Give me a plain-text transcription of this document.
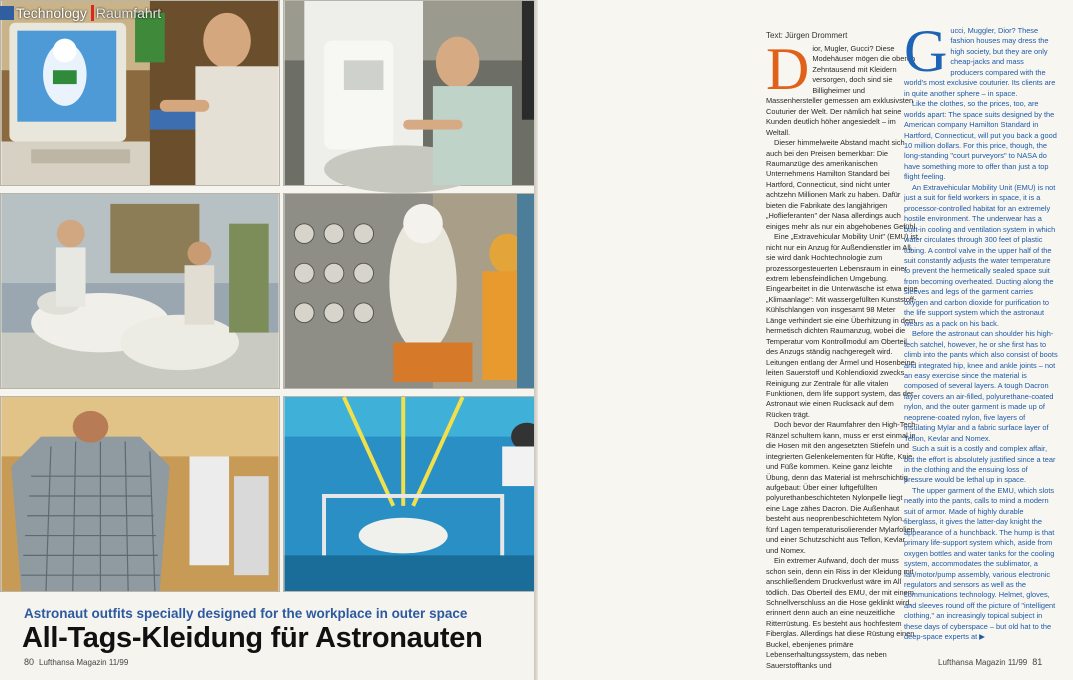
Technology Raumfahrt
Astronaut outfits specially designed for the workplace in outer space
All-Tags-Kleidung für Astronauten
80 Lufthansa Magazin 11/99
Text: Jürgen Drommert
D ior, Mugler, Gucci? Diese Modehäuser mögen die oberen Zehntausend mit Kleidern versorgen, doch sind sie Billigheimer und Massenhersteller gemessen am exklusivsten Couturier der Welt. Der nämlich hat seine Kunden deutlich höher angesiedelt – im Weltall.

Dieser himmelweite Abstand macht sich auch bei den Preisen bemerkbar: Die Raumanzüge des amerikanischen Unternehmens Hamilton Standard bei Hartford, Connecticut, sind nicht unter achtzehn Millionen Mark zu haben. Dafür bieten die Fabrikate des langjährigen „Hoflieferanten" der Nasa allerdings auch einiges mehr als nur ein abgehobenes Gefühl.

Eine „Extravehicular Mobility Unit" (EMU) ist nicht nur ein Anzug für Außendienstler im All, sie wird dank Hochtechnologie zum prozessorgesteuerten Lebensraum in einer extrem lebensfeindlichen Umgebung. Eingearbeitet in die Unterwäsche ist etwa eine „Klimaanlage": Mit wassergefüllten Kunststoff-Kühlschlangen von insgesamt 98 Meter Länge verhindert sie eine Überhitzung in dem hermetisch dichten Raumanzug, wobei die Temperatur vom Kontrollmodul am Oberteil des Anzugs ständig nachgeregelt wird. Leitungen entlang der Ärmel und Hosenbeine leiten Sauerstoff und Kohlendioxid zwecks Reinigung zur Zentrale für alle vitalen Funktionen, dem life support system, das der Astronaut wie einen Rucksack auf dem Rücken trägt.

Doch bevor der Raumfahrer den High-Tech-Ränzel schultern kann, muss er erst einmal in die Hosen mit den angesetzten Stiefeln und integrierten Gelenkelementen für Hüfte, Knie und Füße kommen. Keine ganz leichte Übung, denn das Material ist mehrschichtig aufgebaut: Über einer luftgefüllten polyurethanbeschichteten Nylonpelle liegt eine Lage zähes Dacron. Die Außenhaut besteht aus neoprenbeschichtetem Nylon, fünf Lagen temperaturisolierender Mylarfolien und einer Schutzschicht aus Teflon, Kevlar und Nomex.

Ein extremer Aufwand, doch der muss schon sein, denn ein Riss in der Kleidung mit anschließendem Druckverlust wäre im All tödlich. Das Oberteil des EMU, der mit einem Schnellverschluss an die Hose geklinkt wird, erinnert denn auch an eine neuzeitliche Ritterrüstung. Es besteht aus hochfestem Fiberglas. Allerdings hat diese Rüstung einen Buckel, ebenjenes primäre Lebenserhaltungssystem, das neben Sauerstofftanks und

G ucci, Muggler, Dior? These fashion houses may dress the high society, but they are only cheap-jacks and mass producers compared with the world's most exclusive couturier. Its clients are in quite another sphere – in space.

Like the clothes, so the prices, too, are worlds apart: The space suits designed by the American company Hamilton Standard in Hartford, Connecticut, will put you back a good 10 million dollars. For this price, though, the long-standing "court purveyors" to NASA do have something more to offer than just a top flight feeling.

An Extravehicular Mobility Unit (EMU) is not just a suit for field workers in space, it is a processor-controlled habitat for an extremely hostile environment. The underwear has a built-in cooling and ventilation system in which water circulates through 300 feet of plastic tubing. A control valve in the upper half of the suit constantly adjusts the water temperature to prevent the hermetically sealed space suit from becoming overheated. Ducting along the sleeves and legs of the garment carries oxygen and carbon dioxide for purification to the life support system which the astronaut wears as a pack on his back.

Before the astronaut can shoulder his high-tech satchel, however, he or she first has to climb into the pants which also consist of boots and integrated hip, knee and ankle joints – not an easy exercise since the material is composed of several layers. A tough Dacron layer covers an air-filled, polyurethane-coated nylon, and the outer garment is made up of neoprene-coated nylon, five layers of insulating Mylar and a fabric surface layer of Teflon, Kevlar and Nomex.

Such a suit is a costly and complex affair, but the effort is absolutely justified since a tear in the clothing and the ensuing loss of pressure would be lethal up in space.

The upper garment of the EMU, which slots neatly into the pants, calls to mind a modern suit of armor. Made of highly durable fiberglass, it gives the latter-day knight the appearance of a hunchback. The hump is that primary life-support system which, aside from oxygen bottles and water tanks for the cooling system, accommodates the sublimator, a fan/motor/pump assembly, various electronic regulators and sensors as well as the communications technology. Helmet, gloves, and sleeves round off the picture of "intelligent clothing," an increasingly topical subject in these days of cyberspace – but old hat to the deep-space experts at ▶

Lufthansa Magazin 11/99 81
